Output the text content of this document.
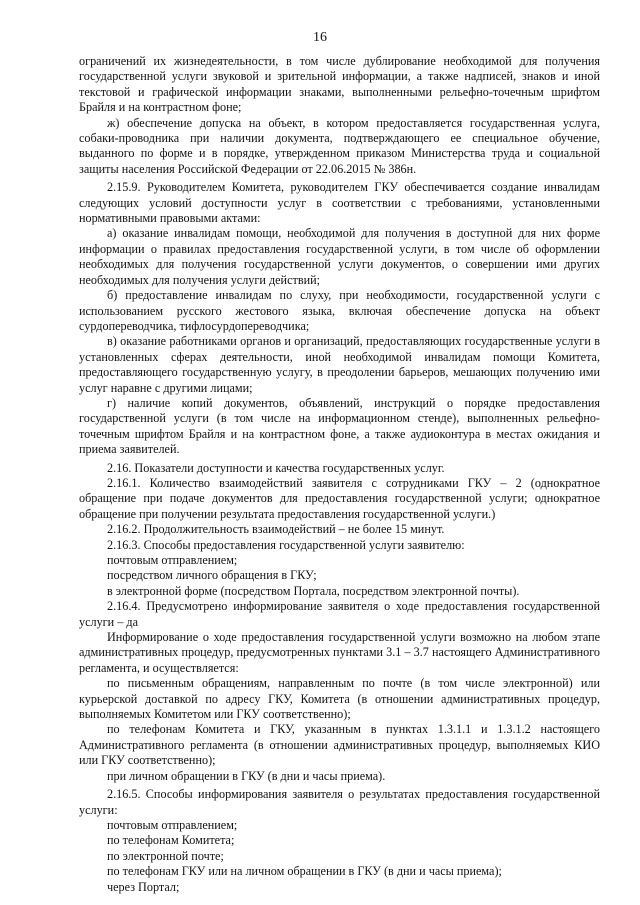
16

ограничений их жизнедеятельности, в том числе дублирование необходимой для получения государственной услуги звуковой и зрительной информации, а также надписей, знаков и иной текстовой и графической информации знаками, выполненными рельефно-точечным шрифтом Брайля и на контрастном фоне;

ж) обеспечение допуска на объект, в котором предоставляется государственная услуга, собаки-проводника при наличии документа, подтверждающего ее специальное обучение, выданного по форме и в порядке, утвержденном приказом Министерства труда и социальной защиты населения Российской Федерации от 22.06.2015 № 386н.

2.15.9. Руководителем Комитета, руководителем ГКУ обеспечивается создание инвалидам следующих условий доступности услуг в соответствии с требованиями, установленными нормативными правовыми актами:

а) оказание инвалидам помощи, необходимой для получения в доступной для них форме информации о правилах предоставления государственной услуги, в том числе об оформлении необходимых для получения государственной услуги документов, о совершении ими других необходимых для получения услуги действий;

б) предоставление инвалидам по слуху, при необходимости, государственной услуги с использованием русского жестового языка, включая обеспечение допуска на объект сурдопереводчика, тифлосурдопереводчика;

в) оказание работниками органов и организаций, предоставляющих государственные услуги в установленных сферах деятельности, иной необходимой инвалидам помощи Комитета, предоставляющего государственную услугу, в преодолении барьеров, мешающих получению ими услуг наравне с другими лицами;

г) наличие копий документов, объявлений, инструкций о порядке предоставления государственной услуги (в том числе на информационном стенде), выполненных рельефно-точечным шрифтом Брайля и на контрастном фоне, а также аудиоконтура в местах ожидания и приема заявителей.

2.16. Показатели доступности и качества государственных услуг.

2.16.1. Количество взаимодействий заявителя с сотрудниками ГКУ – 2 (однократное обращение при подаче документов для предоставления государственной услуги; однократное обращение при получении результата предоставления государственной услуги.)

2.16.2. Продолжительность взаимодействий – не более 15 минут.

2.16.3. Способы предоставления государственной услуги заявителю:

почтовым отправлением;

посредством личного обращения в ГКУ;

в электронной форме (посредством Портала, посредством электронной почты).

2.16.4. Предусмотрено информирование заявителя о ходе предоставления государственной услуги – да

Информирование о ходе предоставления государственной услуги возможно на любом этапе административных процедур, предусмотренных пунктами 3.1 – 3.7 настоящего Административного регламента, и осуществляется:

по письменным обращениям, направленным по почте (в том числе электронной) или курьерской доставкой по адресу ГКУ, Комитета (в отношении административных процедур, выполняемых Комитетом или ГКУ соответственно);

по телефонам Комитета и ГКУ, указанным в пунктах 1.3.1.1 и 1.3.1.2 настоящего Административного регламента (в отношении административных процедур, выполняемых КИО или ГКУ соответственно);

при личном обращении в ГКУ (в дни и часы приема).

2.16.5. Способы информирования заявителя о результатах предоставления государственной услуги:

почтовым отправлением;

по телефонам Комитета;

по электронной почте;

по телефонам ГКУ или на личном обращении в ГКУ (в дни и часы приема);

через Портал;
